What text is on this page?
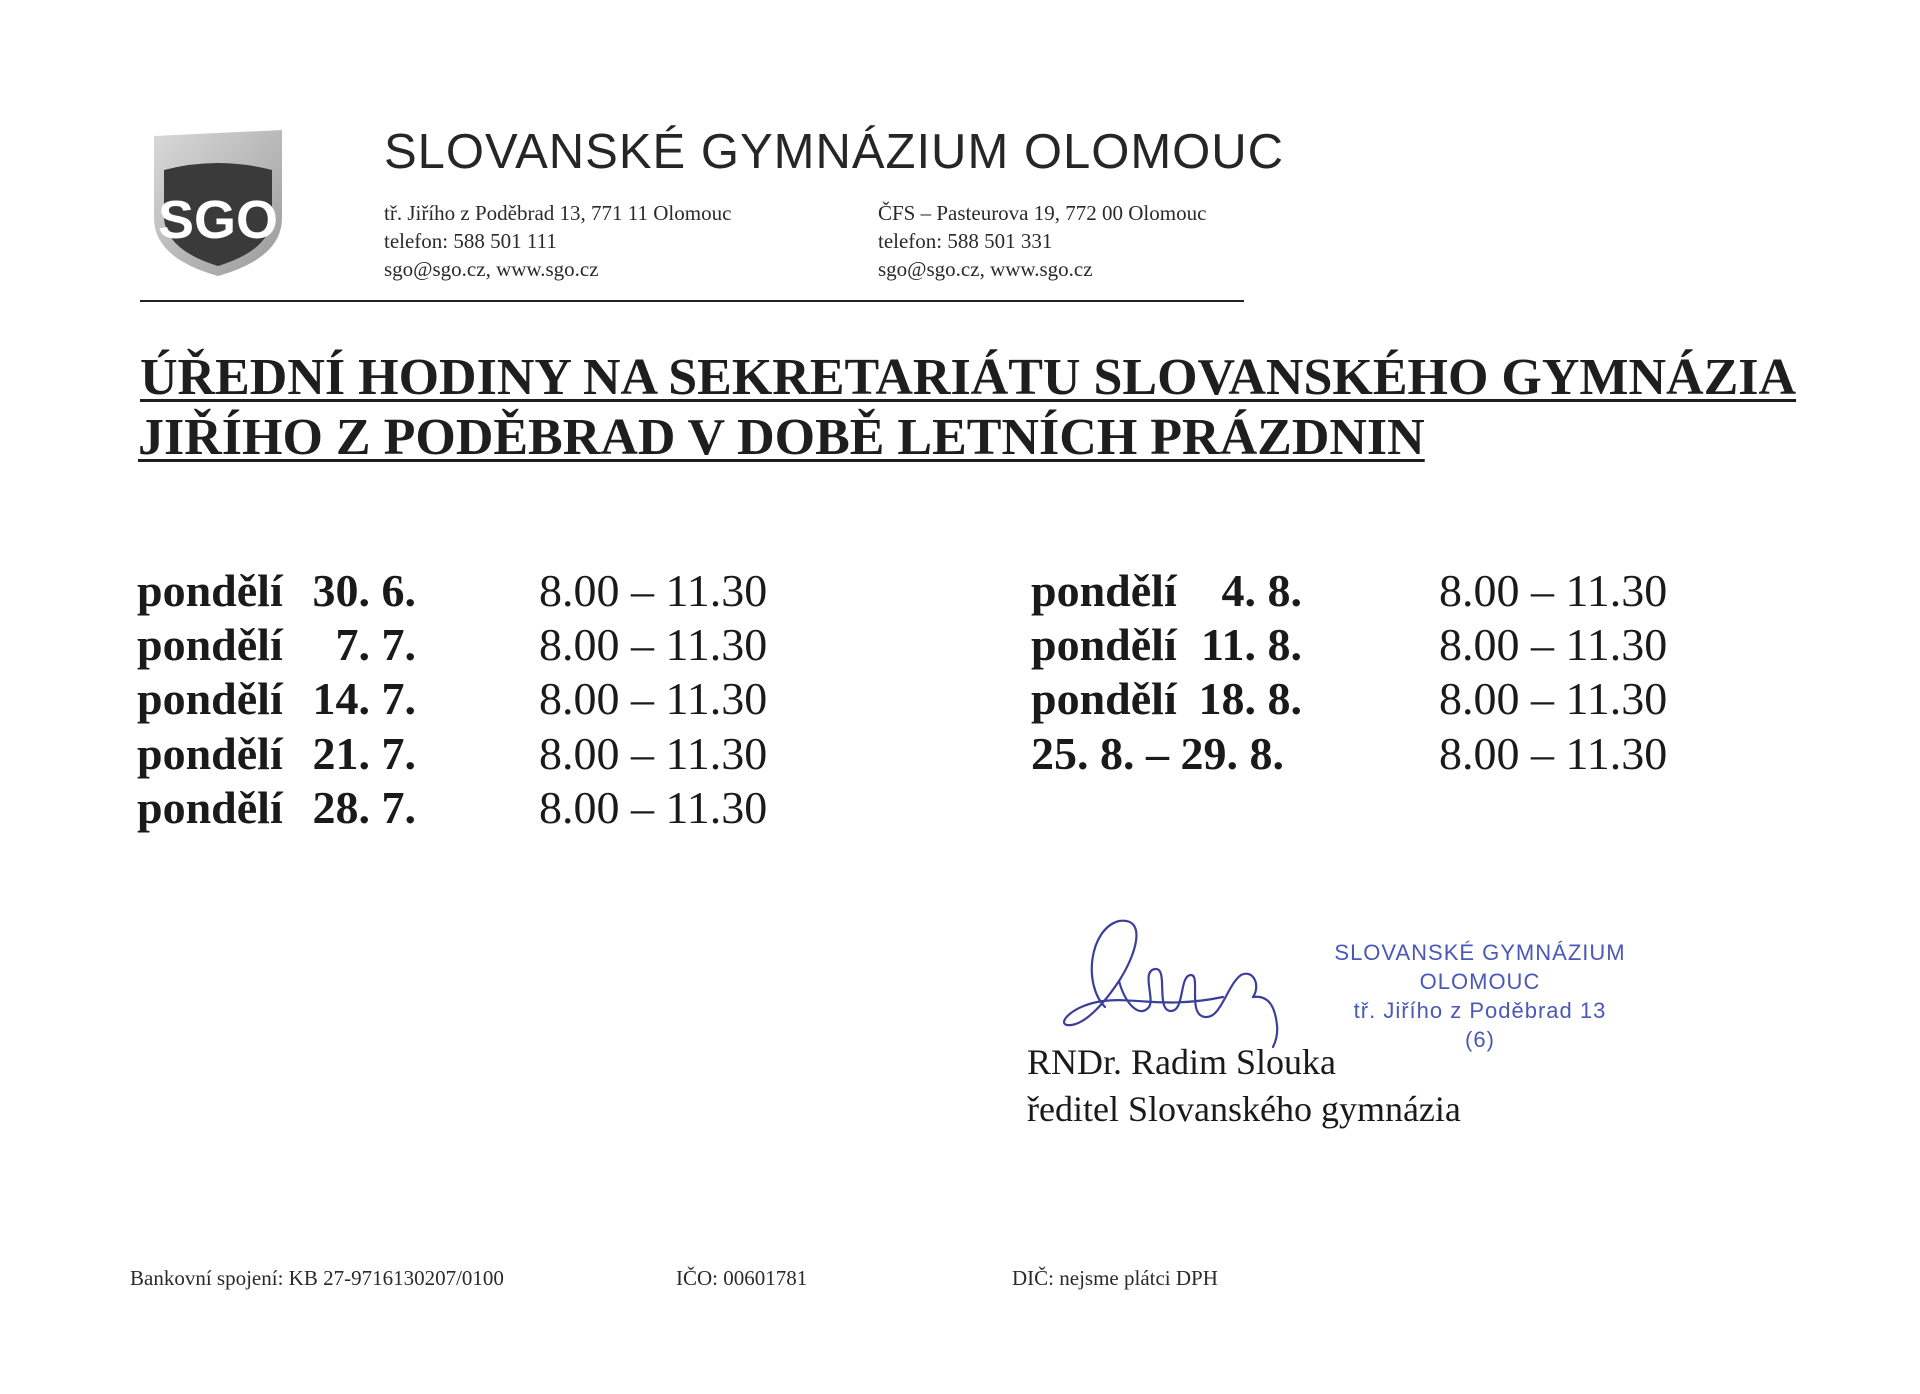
SGO
SLOVANSKÉ GYMNÁZIUM OLOMOUC
tř. Jiřího z Poděbrad 13, 771 11 Olomouc
telefon: 588 501 111
sgo@sgo.cz, www.sgo.cz
ČFS – Pasteurova 19, 772 00 Olomouc
telefon: 588 501 331
sgo@sgo.cz, www.sgo.cz
ÚŘEDNÍ HODINY NA SEKRETARIÁTU SLOVANSKÉHO GYMNÁZIA
JIŘÍHO Z PODĚBRAD V DOBĚ LETNÍCH PRÁZDNIN
pondělí 30. 6.	8.00 – 11.30
pondělí	7. 7.	8.00 – 11.30
pondělí 14. 7.	8.00 – 11.30
pondělí 21. 7.	8.00 – 11.30
pondělí 28. 7.	8.00 – 11.30
pondělí 4. 8.	8.00 – 11.30
pondělí 11. 8.	8.00 – 11.30
pondělí 18. 8.	8.00 – 11.30
25. 8. – 29. 8.	8.00 – 11.30
SLOVANSKÉ GYMNÁZIUM
OLOMOUC
tř. Jiřího z Poděbrad 13
(6)
RNDr. Radim Slouka
ředitel Slovanského gymnázia
Bankovní spojení: KB 27-9716130207/0100	IČO: 00601781	DIČ: nejsme plátci DPH
